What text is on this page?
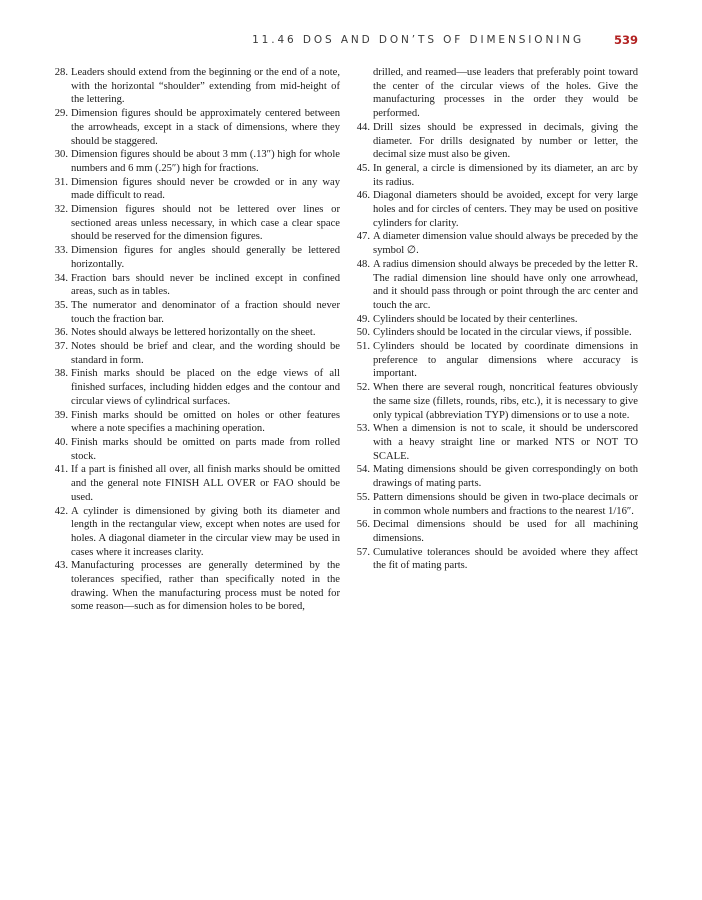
11.46 DOS AND DON’TS OF DIMENSIONING	539
28. Leaders should extend from the beginning or the end of a note, with the horizontal “shoulder” extending from mid-height of the lettering.
29. Dimension figures should be approximately centered between the arrowheads, except in a stack of dimensions, where they should be staggered.
30. Dimension figures should be about 3 mm (.13″) high for whole numbers and 6 mm (.25″) high for fractions.
31. Dimension figures should never be crowded or in any way made difficult to read.
32. Dimension figures should not be lettered over lines or sectioned areas unless necessary, in which case a clear space should be reserved for the dimension figures.
33. Dimension figures for angles should generally be lettered horizontally.
34. Fraction bars should never be inclined except in confined areas, such as in tables.
35. The numerator and denominator of a fraction should never touch the fraction bar.
36. Notes should always be lettered horizontally on the sheet.
37. Notes should be brief and clear, and the wording should be standard in form.
38. Finish marks should be placed on the edge views of all finished surfaces, including hidden edges and the contour and circular views of cylindrical surfaces.
39. Finish marks should be omitted on holes or other features where a note specifies a machining operation.
40. Finish marks should be omitted on parts made from rolled stock.
41. If a part is finished all over, all finish marks should be omitted and the general note FINISH ALL OVER or FAO should be used.
42. A cylinder is dimensioned by giving both its diameter and length in the rectangular view, except when notes are used for holes. A diagonal diameter in the circular view may be used in cases where it increases clarity.
43. Manufacturing processes are generally determined by the tolerances specified, rather than specifically noted in the drawing. When the manufacturing process must be noted for some reason—such as for dimension holes to be bored,
drilled, and reamed—use leaders that preferably point toward the center of the circular views of the holes. Give the manufacturing processes in the order they would be performed.
44. Drill sizes should be expressed in decimals, giving the diameter. For drills designated by number or letter, the decimal size must also be given.
45. In general, a circle is dimensioned by its diameter, an arc by its radius.
46. Diagonal diameters should be avoided, except for very large holes and for circles of centers. They may be used on positive cylinders for clarity.
47. A diameter dimension value should always be preceded by the symbol ∅.
48. A radius dimension should always be preceded by the letter R. The radial dimension line should have only one arrowhead, and it should pass through or point through the arc center and touch the arc.
49. Cylinders should be located by their centerlines.
50. Cylinders should be located in the circular views, if possible.
51. Cylinders should be located by coordinate dimensions in preference to angular dimensions where accuracy is important.
52. When there are several rough, noncritical features obviously the same size (fillets, rounds, ribs, etc.), it is necessary to give only typical (abbreviation TYP) dimensions or to use a note.
53. When a dimension is not to scale, it should be underscored with a heavy straight line or marked NTS or NOT TO SCALE.
54. Mating dimensions should be given correspondingly on both drawings of mating parts.
55. Pattern dimensions should be given in two-place decimals or in common whole numbers and fractions to the nearest 1/16″.
56. Decimal dimensions should be used for all machining dimensions.
57. Cumulative tolerances should be avoided where they affect the fit of mating parts.
